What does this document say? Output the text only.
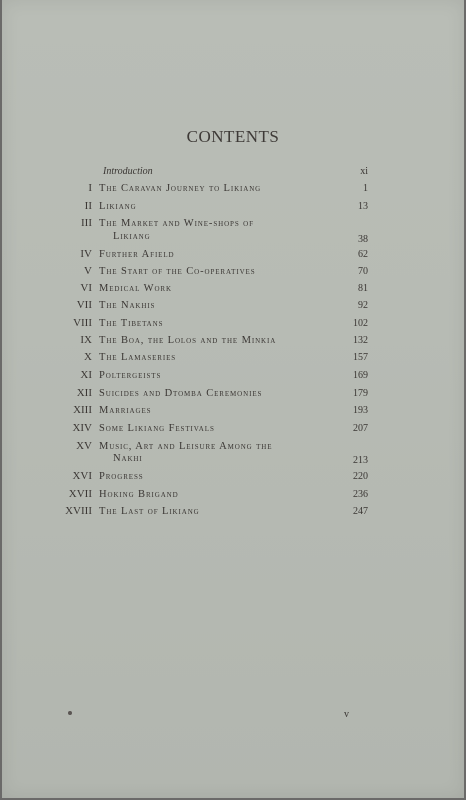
CONTENTS
Introduction	xi
I The Caravan Journey to Likiang	1
II Likiang	13
III The Market and Wine-shops of
Likiang	38
IV Further Afield	62
V The Start of the Co-operatives	70
VI Medical Work	81
VII The Nakhis	92
VIII The Tibetans	102
IX The Boa, the Lolos and the Minkia	132
X The Lamaseries	157
XI Poltergeists	169
XII Suicides and Dtomba Ceremonies	179
XIII Marriages	193
XIV Some Likiang Festivals	207
XV Music, Art and Leisure Among the
Nakhi	213
XVI Progress	220
XVII Hoking Brigand	236
XVIII The Last of Likiang	247
v
